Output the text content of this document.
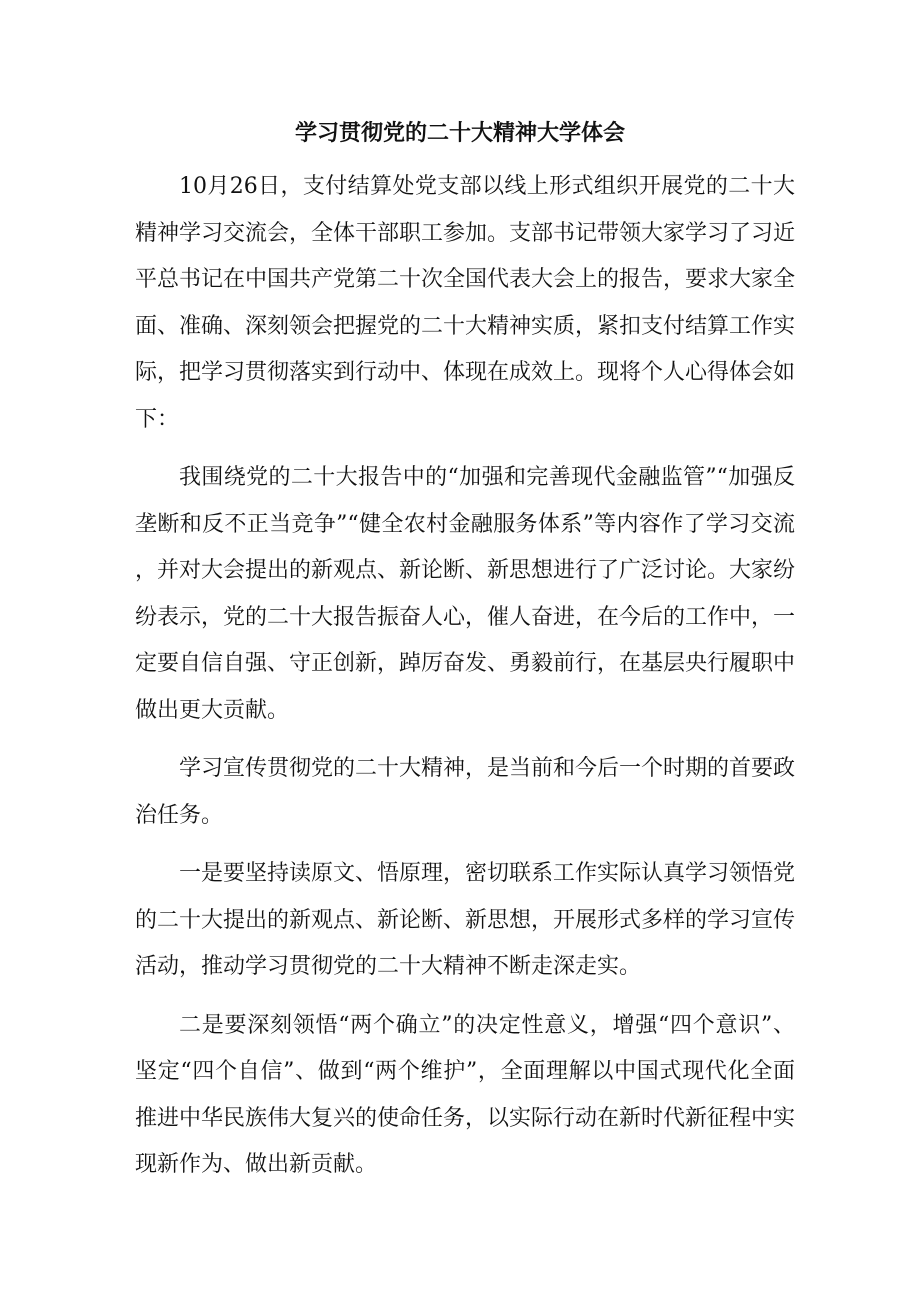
学习贯彻党的二十大精神大学体会

10月26日，支付结算处党支部以线上形式组织开展党的二十大精神学习交流会，全体干部职工参加。支部书记带领大家学习了习近平总书记在中国共产党第二十次全国代表大会上的报告，要求大家全面、准确、深刻领会把握党的二十大精神实质，紧扣支付结算工作实际，把学习贯彻落实到行动中、体现在成效上。现将个人心得体会如下：

我围绕党的二十大报告中的“加强和完善现代金融监管”“加强反垄断和反不正当竞争”“健全农村金融服务体系”等内容作了学习交流，并对大会提出的新观点、新论断、新思想进行了广泛讨论。大家纷纷表示，党的二十大报告振奋人心，催人奋进，在今后的工作中，一定要自信自强、守正创新，踔厉奋发、勇毅前行，在基层央行履职中做出更大贡献。

学习宣传贯彻党的二十大精神，是当前和今后一个时期的首要政治任务。

一是要坚持读原文、悟原理，密切联系工作实际认真学习领悟党的二十大提出的新观点、新论断、新思想，开展形式多样的学习宣传活动，推动学习贯彻党的二十大精神不断走深走实。

二是要深刻领悟“两个确立”的决定性意义，增强“四个意识”、坚定“四个自信”、做到“两个维护”，全面理解以中国式现代化全面推进中华民族伟大复兴的使命任务，以实际行动在新时代新征程中实现新作为、做出新贡献。
